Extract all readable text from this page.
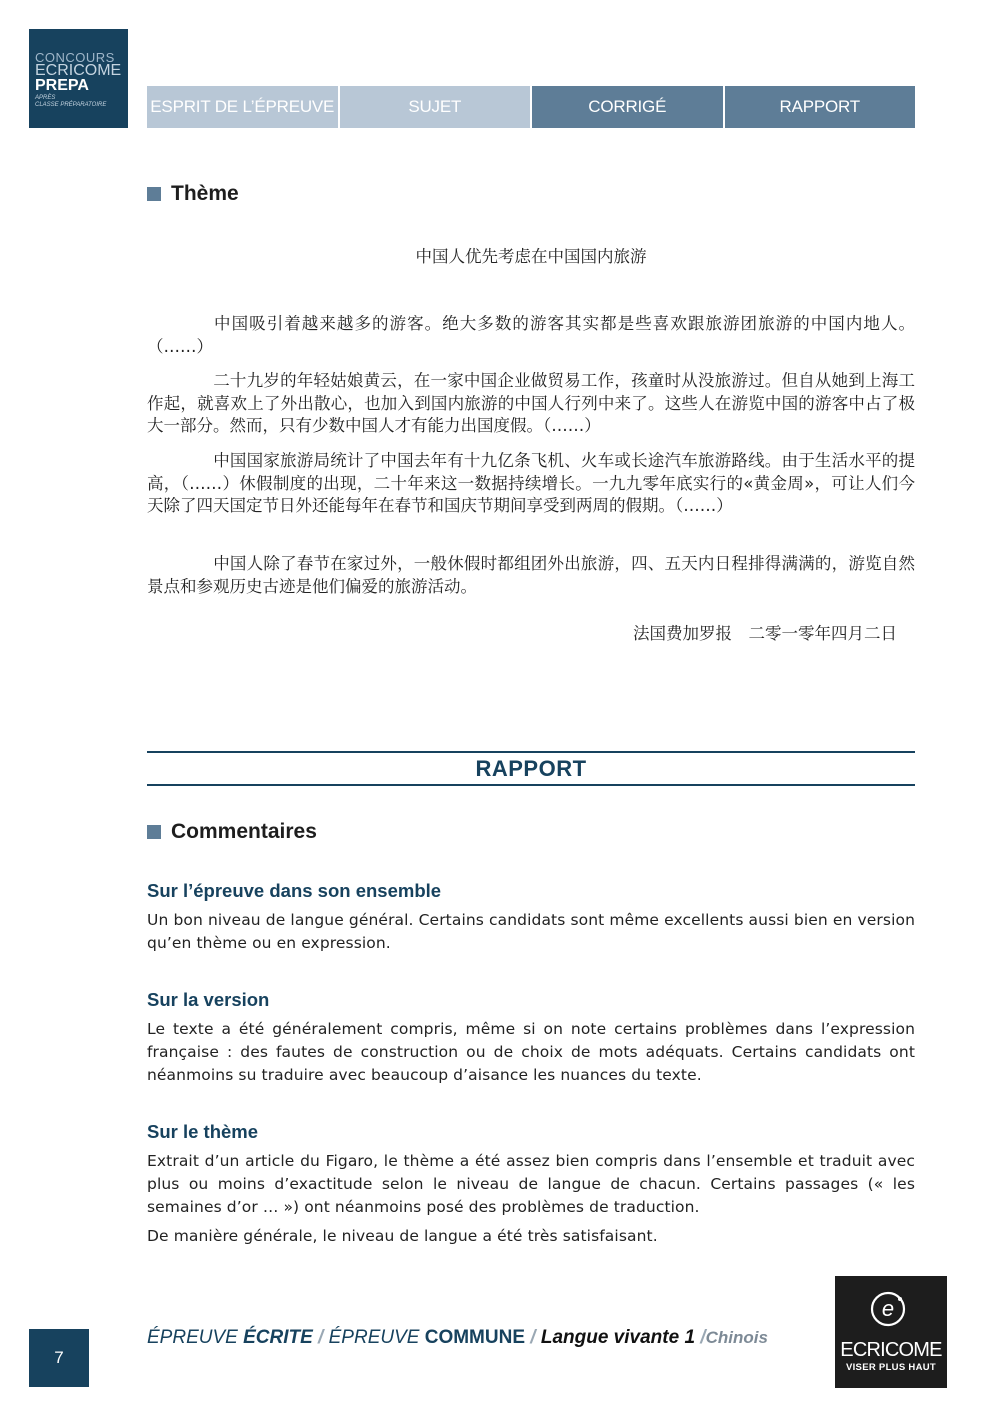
CONCOURS
ECRICOME
PREPA
APRÈS
CLASSE PRÉPARATOIRE	ESPRIT DE L’ÉPREUVE	SUJET	CORRIGÉ	RAPPORT
Thème
中国人优先考虑在中国国内旅游

中国吸引着越来越多的游客。绝大多数的游客其实都是些喜欢跟旅游团旅游的中国内地人。（……）

二十九岁的年轻姑娘黄云，在一家中国企业做贸易工作，孩童时从没旅游过。但自从她到上海工作起，就喜欢上了外出散心，也加入到国内旅游的中国人行列中来了。这些人在游览中国的游客中占了极大一部分。然而，只有少数中国人才有能力出国度假。（……）

中国国家旅游局统计了中国去年有十九亿条飞机、火车或长途汽车旅游路线。由于生活水平的提高，（……）休假制度的出现，二十年来这一数据持续增长。一九九零年底实行的«黄金周»，可让人们今天除了四天国定节日外还能每年在春节和国庆节期间享受到两周的假期。（……）

中国人除了春节在家过外，一般休假时都组团外出旅游，四、五天内日程排得满满的，游览自然景点和参观历史古迹是他们偏爱的旅游活动。

法国费加罗报　二零一零年四月二日
RAPPORT
Commentaires
Sur l’épreuve dans son ensemble

Un bon niveau de langue général. Certains candidats sont même excellents aussi bien en version qu’en thème ou en expression.

Sur la version

Le texte a été généralement compris, même si on note certains problèmes dans l’expression française : des fautes de construction ou de choix de mots adéquats. Certains candidats ont néanmoins su traduire avec beaucoup d’aisance les nuances du texte.

Sur le thème

Extrait d’un article du Figaro, le thème a été assez bien compris dans l’ensemble et traduit avec plus ou moins d’exactitude selon le niveau de langue de chacun. Certains passages (« les semaines d’or … ») ont néanmoins posé des problèmes de traduction.

De manière générale, le niveau de langue a été très satisfaisant.

7
ÉPREUVE ÉCRITE / ÉPREUVE COMMUNE / Langue vivante 1 /Chinois
e
ECRICOME
VISER PLUS HAUT
